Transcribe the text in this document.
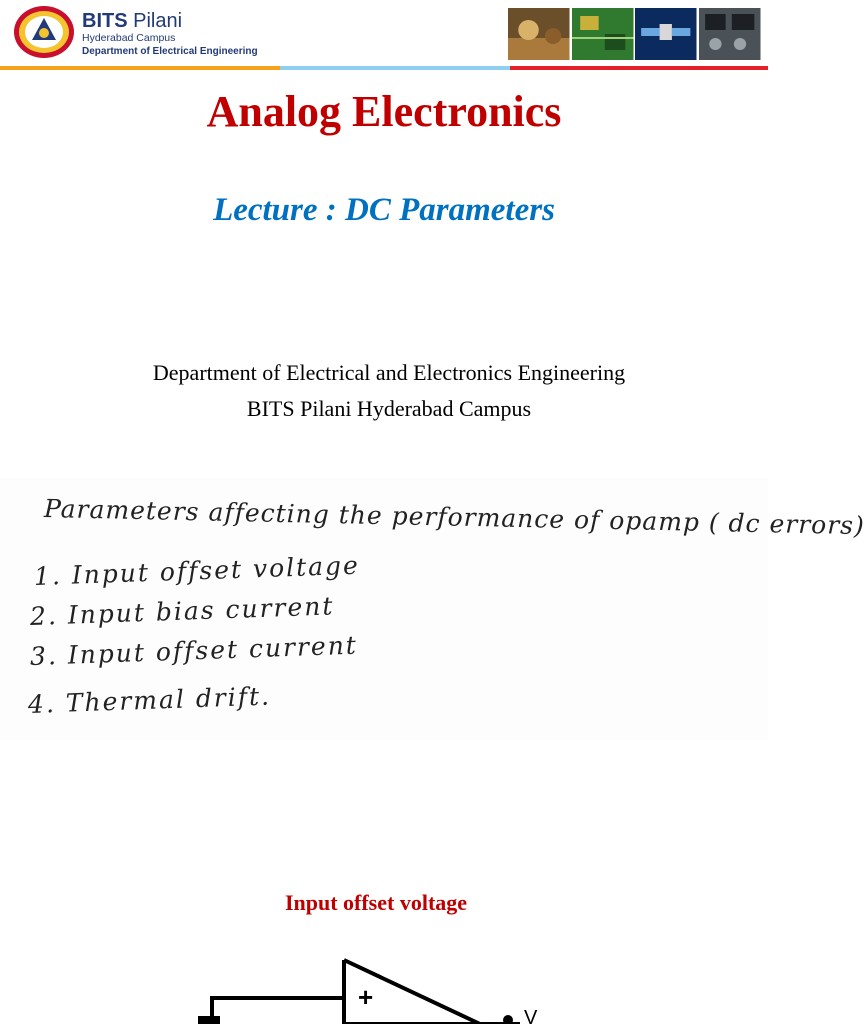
BITS Pilani
Hyderabad Campus
Department of Electrical Engineering
Analog Electronics
Lecture : DC Parameters
Department of Electrical and Electronics Engineering
BITS Pilani Hyderabad Campus
Parameters affecting the performance of opamp ( dc errors)
1. Input offset voltage
2. Input bias current
3. Input offset current
4. Thermal drift.
Input offset voltage
+
V
